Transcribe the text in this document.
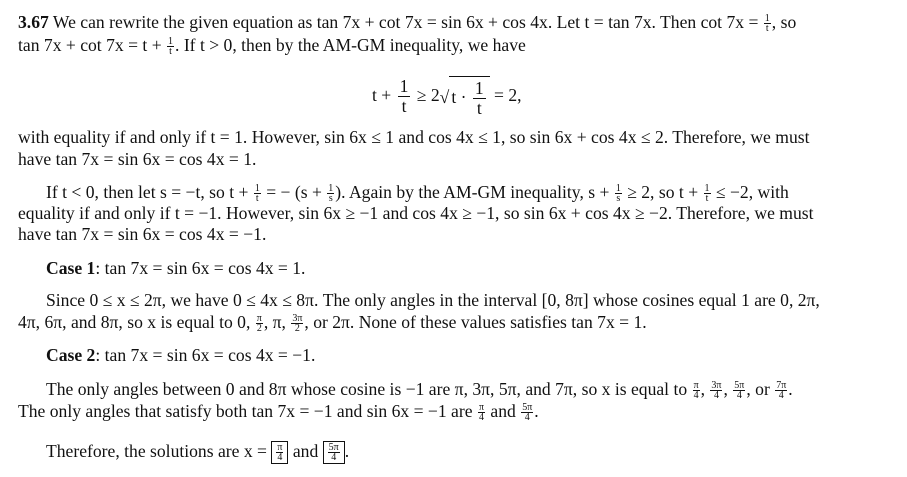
3.67 We can rewrite the given equation as tan 7x + cot 7x = sin 6x + cos 4x. Let t = tan 7x. Then $\cot 7x = \frac{1}{t}$ , so
$\tan 7x + \cot 7x = t + \frac{1}{t}$ . If t > 0, then by the AM-GM inequality, we have
$t + \frac{1}{t} \ge 2√$ $t \cdot \frac{1}{t} = 2$,
with equality if and only if t = 1. However, sin 6x ≤ 1 and cos 4x ≤ 1, so sin 6x + cos 4x ≤ 2. Therefore, we must
have tan 7x = sin 6x = cos 4x = 1.
If t < 0, then let s = −t, so $t + \frac{1}{t}$ = − ($s + \frac{1}{s}$ ). Again by the AM-GM inequality, $s + \frac{1}{s} \ge 2$, so $t + \frac{1}{t} \le -2$, with
equality if and only if t = −1. However, sin 6x ≥ −1 and cos 4x ≥ −1, so sin 6x + cos 4x ≥ −2. Therefore, we must
have tan 7x = sin 6x = cos 4x = −1.
Case 1: tan 7x = sin 6x = cos 4x = 1.
Since 0 ≤ x ≤ 2π, we have 0 ≤ 4x ≤ 8π. The only angles in the interval [0, 8π] whose cosines equal 1 are 0, 2π,
4π, 6π, and 8π, so x is equal to 0, $\frac{\pi}{2}$ , π, $\frac{3\pi}{2}$ , or 2π. None of these values satisfies tan 7x = 1.
Case 2: tan 7x = sin 6x = cos 4x = −1.
The only angles between 0 and 8π whose cosine is −1 are π, 3π, 5π, and 7π, so x is equal to $\frac{\pi}{4}$ , $\frac{3\pi}{4}$ , $\frac{5\pi}{4}$ , or $\frac{7\pi}{4}$ .
The only angles that satisfy both tan 7x = −1 and sin 6x = −1 are $\frac{\pi}{4}$ and $\frac{5\pi}{4}$ .
Therefore, the solutions are $x = \frac{\pi}{4}$ and $\frac{5\pi}{4}$ .
